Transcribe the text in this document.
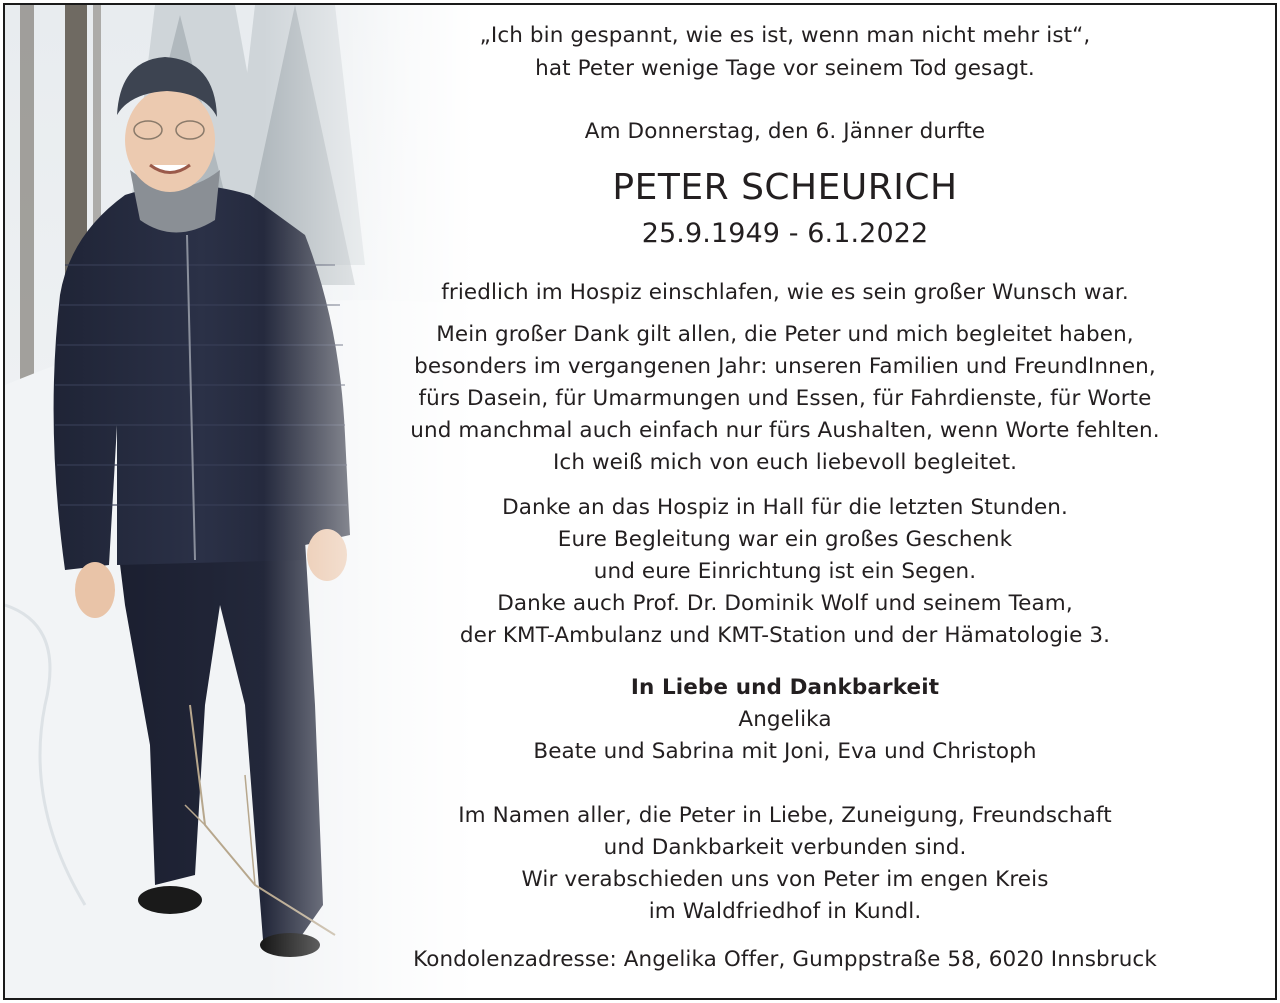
„Ich bin gespannt, wie es ist, wenn man nicht mehr ist“,
hat Peter wenige Tage vor seinem Tod gesagt.
Am Donnerstag, den 6. Jänner durfte
PETER SCHEURICH
25.9.1949 - 6.1.2022
friedlich im Hospiz einschlafen, wie es sein großer Wunsch war.
Mein großer Dank gilt allen, die Peter und mich begleitet haben,
besonders im vergangenen Jahr: unseren Familien und FreundInnen,
fürs Dasein, für Umarmungen und Essen, für Fahrdienste, für Worte
und manchmal auch einfach nur fürs Aushalten, wenn Worte fehlten.
Ich weiß mich von euch liebevoll begleitet.
Danke an das Hospiz in Hall für die letzten Stunden.
Eure Begleitung war ein großes Geschenk
und eure Einrichtung ist ein Segen.
Danke auch Prof. Dr. Dominik Wolf und seinem Team,
der KMT-Ambulanz und KMT-Station und der Hämatologie 3.
In Liebe und Dankbarkeit
Angelika
Beate und Sabrina mit Joni, Eva und Christoph
Im Namen aller, die Peter in Liebe, Zuneigung, Freundschaft
und Dankbarkeit verbunden sind.
Wir verabschieden uns von Peter im engen Kreis
im Waldfriedhof in Kundl.
Kondolenzadresse: Angelika Offer, Gumppstraße 58, 6020 Innsbruck
